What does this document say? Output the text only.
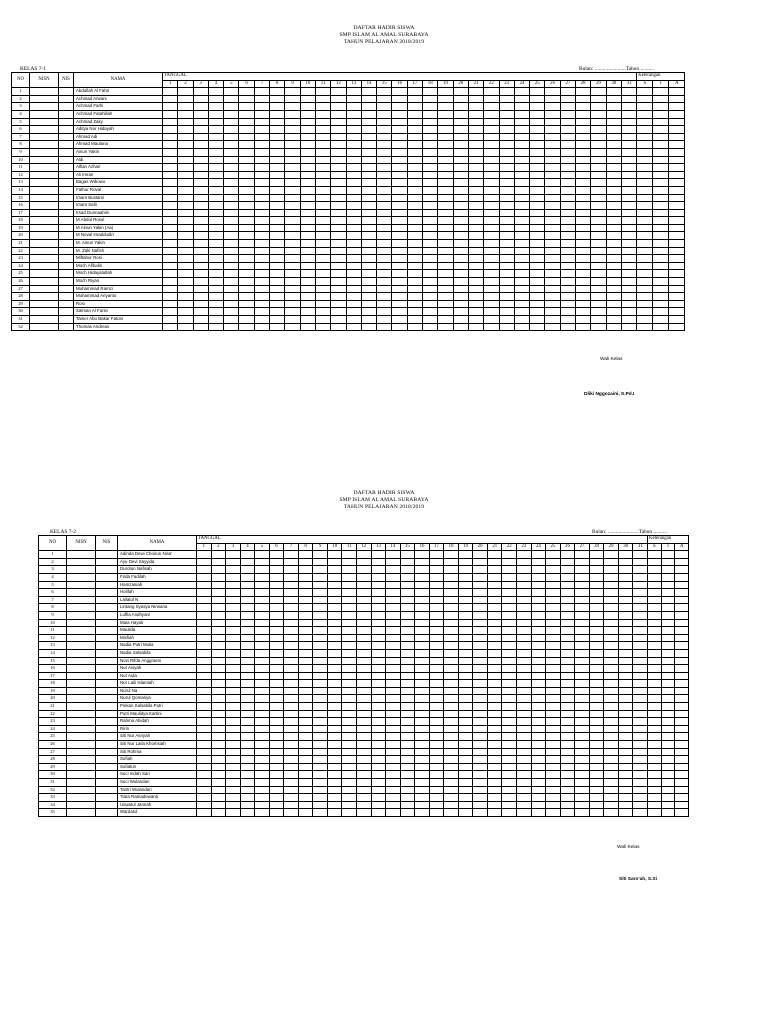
DAFTAR HADIR SISWA
SMP ISLAM AL AMAL SURABAYA
TAHUN PELAJARAN 2018/2019
KELAS 7-1	Bulan: .......................Tahun ..........
NO	NISN	NIS	NAMA	TANGGAL																															Keterangan		
				1	2	3	4	5	6	7	8	9	10	11	12	13	14	15	16	17	18	19	20	21	22	23	24	25	26	27	28	29	30	31	S	I	A
1			Abdullah Al Fahri																																		
2			Achmad Arwani																																		
3			Achmad Farhi																																		
4			Achmad Fatahillah																																		
5			Achmad Zaky																																		
6			Aditya Nur Hidayah																																		
7			Ahmad Adi																																		
8			Ahmad Maulana																																		
9			Ainun Yakin																																		
10			Aldi																																		
11			Alfian Azhari																																		
12			Ali Imran																																		
13			Bagas Wibowo																																		
14			Fathur Roval																																		
15			Imam Bustami																																		
16			Imam Safii																																		
17			Irsad Dunnaahim																																		
18			M Abdul Rosul																																		
19			M Ainun Yakin (Aa)																																		
20			M Noval Imaddudin																																		
21			M. Ainun Yakin																																		
22			M. Zaki Nafish																																		
23			Miftahur Rosi																																		
24			Moch Afifudin																																		
25			Moch Hidayatullah																																		
26			Moch Riyan																																		
27			Muhammad Ramzi																																		
28			Muhammad Ariyanto																																		
29			Rosi																																		
30			Salman Al Farisi																																		
31			Tamer Abu Bakar Fatoni																																		
32			Thomas Andreas																																		
Wali Kelas
Dliki Nggozaini, S.Pd.I
DAFTAR HADIR SISWA
SMP ISLAM AL AMAL SURABAYA
TAHUN PELAJARAN 2018/2019
KELAS 7-2	Bulan: .......................Tahun ..........
NO	NISN	NIS	NAMA	TANGGAL																															Keterangan		
				1	2	3	4	5	6	7	8	9	10	11	12	13	14	15	16	17	18	19	20	21	22	23	24	25	26	27	28	29	30	31	S	I	A
1			Adinda Dewi Choirun Nisa'																																		
2			Ayu Devi Sayyida																																		
3			Durotun Nafisah																																		
4			Firda Fadilah																																		
5			Hamzaniah																																		
6			Holifah																																		
7			Lailatul N																																		
8			Lintang Syasya Nirwana																																		
9			Luffia Andhyani																																		
10			Maia Hayati																																		
11			Maulida																																		
12			Mixfiah																																		
13			Nadia Putri Mulia																																		
14			Nadia Salsabila																																		
15			Novi Rifda Anggraeni																																		
16			Nur Aisyah																																		
17			Nur Aula																																		
18			Nur Laili Islamiah																																		
19			Nurul Na																																		
20			Nurul Qomariya																																		
21			Pinkan Salsabila Putri																																		
22			Putri Maulidya Kartini																																		
23			Rahma Abidah																																		
24			Ririn																																		
25			Siti Nur Asriyah																																		
26			Siti Nur Laila Khomsiah																																		
27			Siti Rohma																																		
28			Sofiah																																		
29			Sofiatun																																		
30			Suci Indah Sari																																		
31			Suci Wulandari																																		
32			Tantri Wulandari																																		
33			Tiara Ratnadewanti																																		
34			Uswatul Jannah																																		
35			Wardatul																																		
Wali Kelas
Siti Saro'ah, S.Si
